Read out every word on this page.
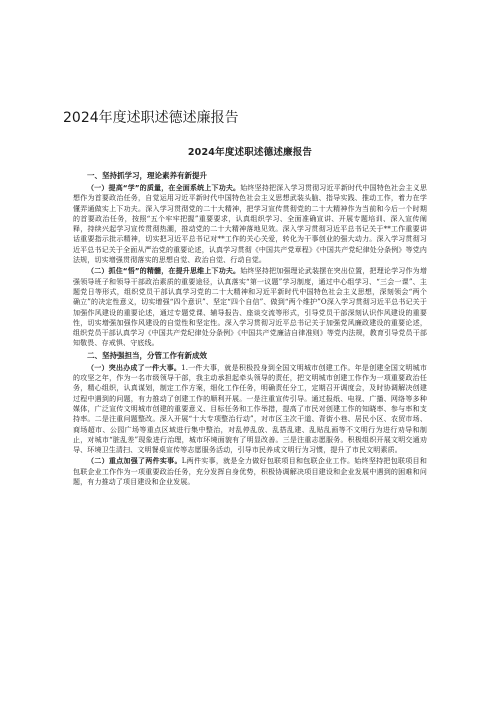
2024年度述职述德述廉报告
2024年度述职述德述廉报告
一、坚持抓学习，理论素养有新提升

（一）提高“学”的质量，在全面系统上下功夫。始终坚持把深入学习贯彻习近平新时代中国特色社会主义思想作为首要政治任务，自觉运用习近平新时代中国特色社会主义思想武装头脑、指导实践、推动工作，着力在学懂弄通做实上下功夫。深入学习贯彻党的二十大精神，把学习宣传贯彻党的二十大精神作为当前和今后一个时期的首要政治任务，按照“五个牢牢把握”重要要求，认真组织学习、全面准确宣讲、开展专题培训、深入宣传阐释，持续兴起学习宣传贯彻热潮，推动党的二十大精神落地见效。深入学习贯彻习近平总书记关于**工作重要讲话重要指示批示精神，切实把习近平总书记对**工作的关心关爱，转化为干事创业的强大动力。深入学习贯彻习近平总书记关于全面从严治党的重要论述，认真学习贯彻《中国共产党章程》《中国共产党纪律处分条例》等党内法规，切实增强贯彻落实的思想自觉、政治自觉、行动自觉。

（二）抓住“悟”的精髓，在提升思维上下功夫。始终坚持把加强理论武装摆在突出位置，把理论学习作为增强领导班子和领导干部政治素质的重要途径，认真落实“第一议题”学习制度，通过中心组学习、“三会一课”、主题党日等形式，组织党员干部认真学习党的二十大精神和习近平新时代中国特色社会主义思想，深刻领会“两个确立”的决定性意义，切实增强“四个意识”、坚定“四个自信”、做到“两个维护”O深入学习贯彻习近平总书记关于加强作风建设的重要论述，通过专题党课、辅导报告、座谈交流等形式，引导党员干部深刻认识作风建设的重要性，切实增强加强作风建设的自觉性和坚定性。深入学习贯彻习近平总书记关于加强党风廉政建设的重要论述，组织党员干部认真学习《中国共产党纪律处分条例》《中国共产党廉洁自律准则》等党内法规，教育引导党员干部知敬畏、存戒惧、守底线。

二、坚持强担当，分管工作有新成效

（一）突出办成了一件大事。1.一件大事，就是积极投身到全国文明城市创建工作。年是创建全国文明城市的攻坚之年，作为一名市级领导干部，我主动承担起牵头领导的责任，把文明城市创建工作作为一项重要政治任务，精心组织，认真谋划，制定工作方案，细化工作任务，明确责任分工，定期召开调度会，及时协调解决创建过程中遇到的问题，有力推动了创建工作的顺利开展。一是注重宣传引导。通过报纸、电视、广播、网络等多种媒体，广泛宣传文明城市创建的重要意义、目标任务和工作举措，提高了市民对创建工作的知晓率、参与率和支持率。二是注重问题整改。深入开展“十大专项整治行动”，对市区主次干道、背街小巷、居民小区、农贸市场、商场超市、公园广场等重点区域进行集中整治，对乱停乱放、乱搭乱建、乱贴乱画等不文明行为进行劝导和制止，对城市“脏乱差”现象进行治理，城市环境面貌有了明显改善。三是注重志愿服务。积极组织开展文明交通劝导、环境卫生清扫、文明餐桌宣传等志愿服务活动，引导市民养成文明行为习惯，提升了市民文明素质。

（二）重点加强了两件实事。L两件实事，就是全力做好包联项目和包联企业工作。始终坚持把包联项目和包联企业工作作为一项重要政治任务，充分发挥自身优势，积极协调解决项目建设和企业发展中遇到的困难和问题，有力推动了项目建设和企业发展。
